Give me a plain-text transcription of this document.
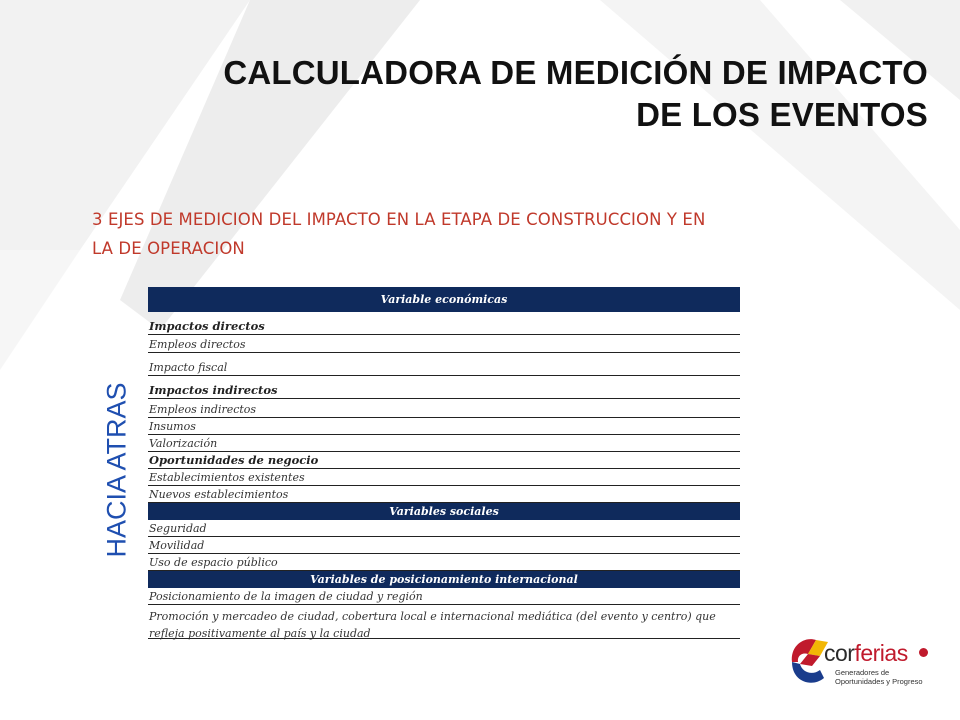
CALCULADORA DE MEDICIÓN DE IMPACTO
DE LOS EVENTOS
3 EJES DE MEDICION DEL IMPACTO EN LA ETAPA DE CONSTRUCCION Y EN
LA DE OPERACION
HACIA ATRAS
Variable económicas
Impactos directos
Empleos directos
Impacto fiscal
Impactos indirectos
Empleos indirectos
Insumos
Valorización
Oportunidades de negocio
Establecimientos existentes
Nuevos establecimientos
Variables sociales
Seguridad
Movilidad
Uso de espacio público
Variables de posicionamiento internacional
Posicionamiento de la imagen de ciudad y región
Promoción y mercadeo de ciudad, cobertura local e internacional mediática (del evento y centro) que refleja positivamente al país y la ciudad
corferias
Generadores de
Oportunidades y Progreso
